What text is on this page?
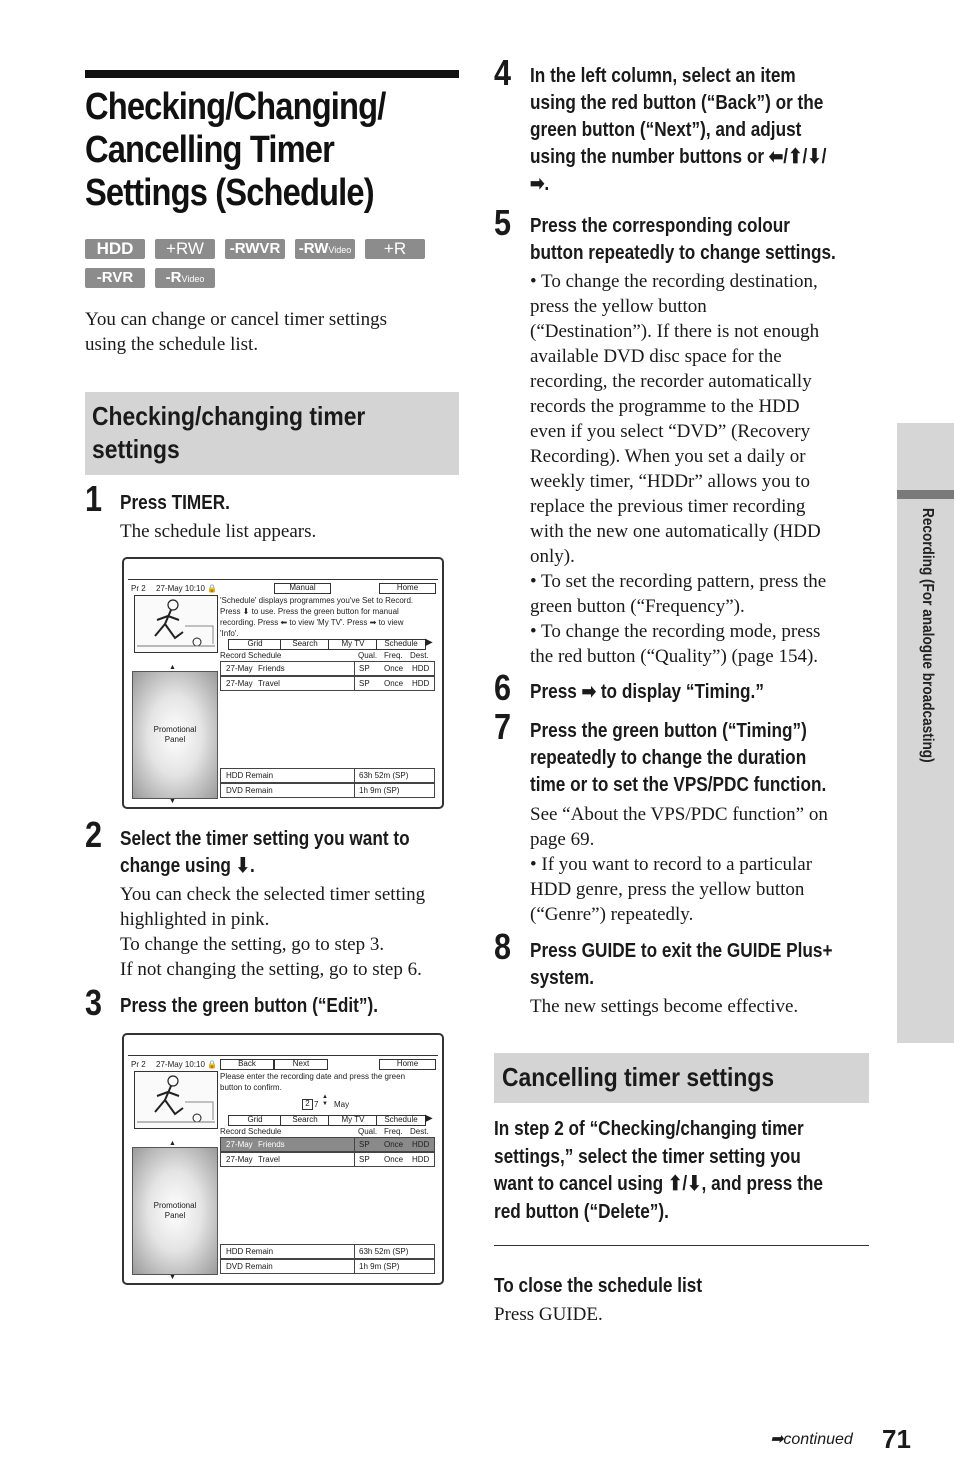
Checking/Changing/
Cancelling Timer
Settings (Schedule)
HDD	+RW	-RWVR	-RWVideo	+R
-RVR	-RVideo
You can change or cancel timer settings
using the schedule list.
Checking/changing timer
settings
1 Press TIMER.
The schedule list appears.
Pr 2 27-May 10:10 🔒	Manual	Home
'Schedule' displays programmes you've Set to Record.
Press ⬇ to use. Press the green button for manual
recording. Press ⬅ to view 'My TV'. Press ➡ to view
'Info'.
Grid	Search	My TV	Schedule ▶
Record Schedule	Qual. Freq. Dest.
▲
Promotional
Panel
▼
27-May Friends	SP Once HDD
27-May Travel	SP Once HDD
HDD Remain	63h 52m (SP)
DVD Remain	1h 9m (SP)
2 Select the timer setting you want to
change using ⬇.
You can check the selected timer setting
highlighted in pink.
To change the setting, go to step 3.
If not changing the setting, go to step 6.
3 Press the green button (“Edit”).
Pr 2 27-May 10:10 🔒	Back	Next	Home
Please enter the recording date and press the green
button to confirm.
2 7
▲
▼ May
Grid	Search	My TV	Schedule ▶
Record Schedule	Qual. Freq. Dest.
▲
Promotional
Panel
▼
27-May Friends	SP Once HDD
27-May Travel	SP Once HDD
HDD Remain	63h 52m (SP)
DVD Remain	1h 9m (SP)
4 In the left column, select an item
using the red button (“Back”) or the
green button (“Next”), and adjust
using the number buttons or ⬅/⬆/⬇/
➡.
5 Press the corresponding colour
button repeatedly to change settings.
• To change the recording destination,
press the yellow button
(“Destination”). If there is not enough
available DVD disc space for the
recording, the recorder automatically
records the programme to the HDD
even if you select “DVD” (Recovery
Recording). When you set a daily or
weekly timer, “HDDr” allows you to
replace the previous timer recording
with the new one automatically (HDD
only).
• To set the recording pattern, press the
green button (“Frequency”).
• To change the recording mode, press
the red button (“Quality”) (page 154).
6 Press ➡ to display “Timing.”
7 Press the green button (“Timing”)
repeatedly to change the duration
time or to set the VPS/PDC function.
See “About the VPS/PDC function” on
page 69.
• If you want to record to a particular
HDD genre, press the yellow button
(“Genre”) repeatedly.
8 Press GUIDE to exit the GUIDE Plus+
system.
The new settings become effective.
Cancelling timer settings
In step 2 of “Checking/changing timer
settings,” select the timer setting you
want to cancel using ⬆/⬇, and press the
red button (“Delete”).
To close the schedule list
Press GUIDE.
Recording (For analogue broadcasting)
➡continued 71
